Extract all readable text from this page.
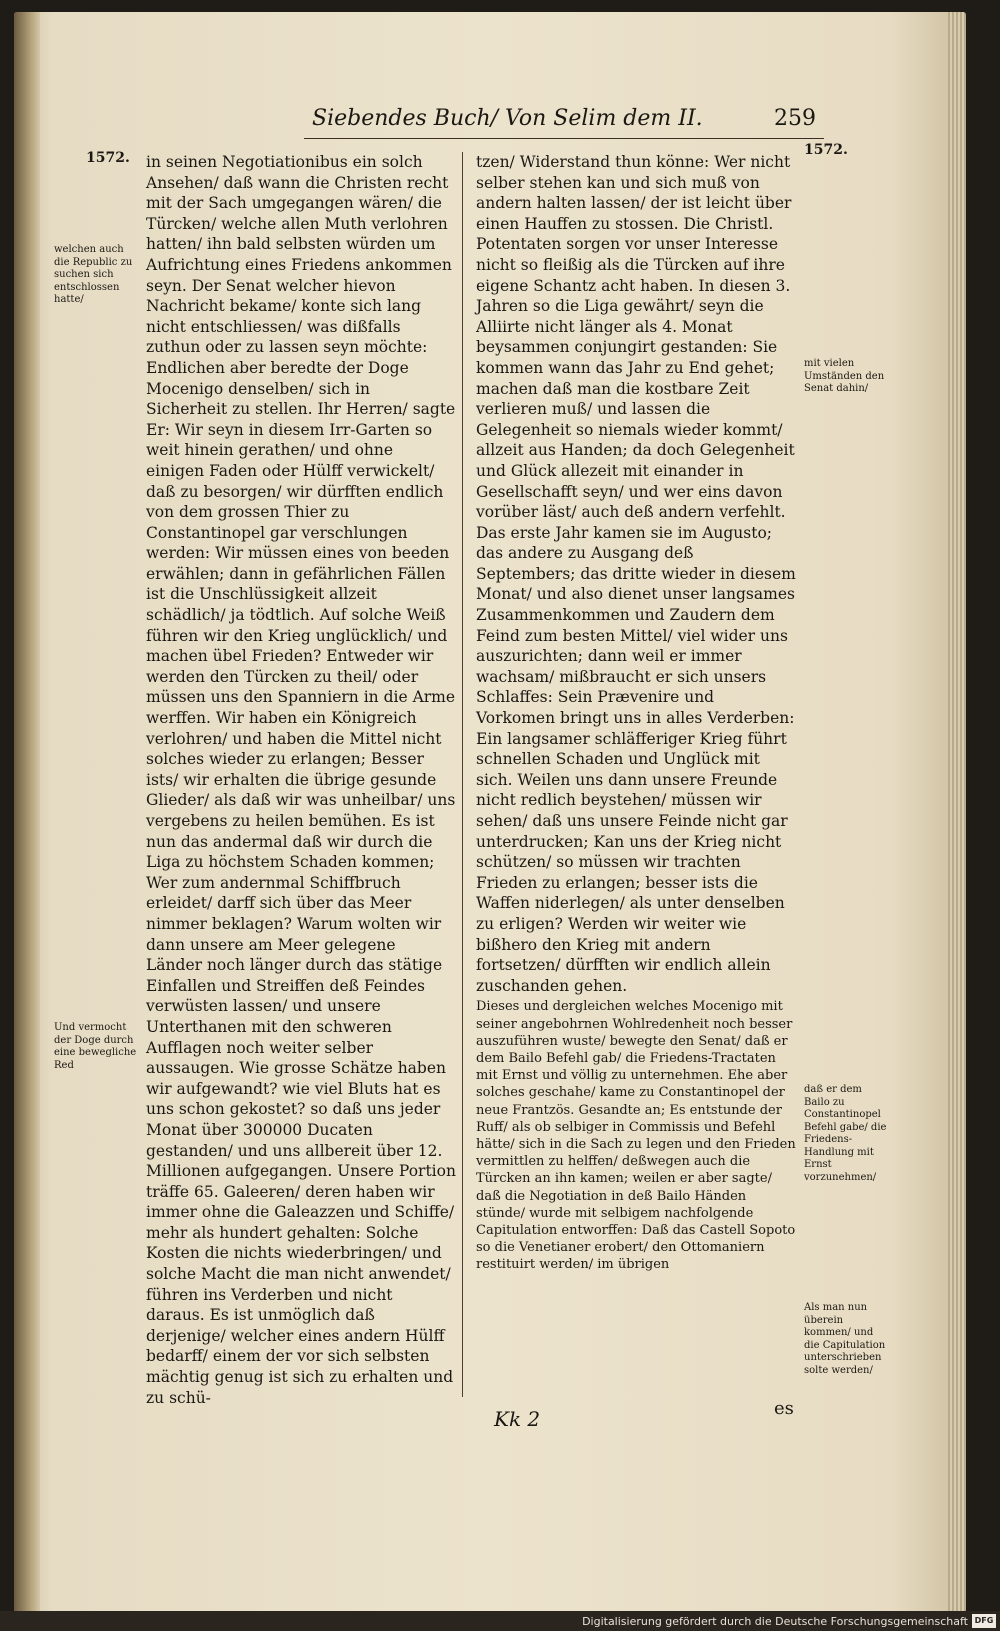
Siebendes Buch/ Von Selim dem II.	259
1572.	1572.

in seinen Negotiationibus ein solch Ansehen/ daß wann die Christen recht mit der Sach umgegangen wären/ die Türcken/ welche allen Muth verlohren hatten/ ihn bald selbsten würden um Aufrichtung eines Friedens ankommen seyn. Der Senat welcher hievon Nachricht bekame/ konte sich lang nicht entschliessen/ was dißfalls zuthun oder zu lassen seyn möchte: Endlichen aber beredte der Doge Mocenigo denselben/ sich in Sicherheit zu stellen. Ihr Herren/ sagte Er: Wir seyn in diesem Irr-Garten so weit hinein gerathen/ und ohne einigen Faden oder Hülff verwickelt/ daß zu besorgen/ wir dürfften endlich von dem grossen Thier zu Constantinopel gar verschlungen werden: Wir müssen eines von beeden erwählen; dann in gefährlichen Fällen ist die Unschlüssigkeit allzeit schädlich/ ja tödtlich. Auf solche Weiß führen wir den Krieg unglücklich/ und machen übel Frieden? Entweder wir werden den Türcken zu theil/ oder müssen uns den Spanniern in die Arme werffen. Wir haben ein Königreich verlohren/ und haben die Mittel nicht solches wieder zu erlangen; Besser ists/ wir erhalten die übrige gesunde Glieder/ als daß wir was unheilbar/ uns vergebens zu heilen bemühen. Es ist nun das andermal daß wir durch die Liga zu höchstem Schaden kommen; Wer zum andernmal Schiffbruch erleidet/ darff sich über das Meer nimmer beklagen? Warum wolten wir dann unsere am Meer gelegene Länder noch länger durch das stätige Einfallen und Streiffen deß Feindes verwüsten lassen/ und unsere Unterthanen mit den schweren Aufflagen noch weiter selber aussaugen. Wie grosse Schätze haben wir aufgewandt? wie viel Bluts hat es uns schon gekostet? so daß uns jeder Monat über 300000 Ducaten gestanden/ und uns allbereit über 12. Millionen aufgegangen. Unsere Portion träffe 65. Galeeren/ deren haben wir immer ohne die Galeazzen und Schiffe/ mehr als hundert gehalten: Solche Kosten die nichts wiederbringen/ und solche Macht die man nicht anwendet/ führen ins Verderben und nicht daraus. Es ist unmöglich daß derjenige/ welcher eines andern Hülff bedarff/ einem der vor sich selbsten mächtig genug ist sich zu erhalten und zu schü-

tzen/ Widerstand thun könne: Wer nicht selber stehen kan und sich muß von andern halten lassen/ der ist leicht über einen Hauffen zu stossen. Die Christl. Potentaten sorgen vor unser Interesse nicht so fleißig als die Türcken auf ihre eigene Schantz acht haben. In diesen 3. Jahren so die Liga gewährt/ seyn die Alliirte nicht länger als 4. Monat beysammen conjungirt gestanden: Sie kommen wann das Jahr zu End gehet; machen daß man die kostbare Zeit verlieren muß/ und lassen die Gelegenheit so niemals wieder kommt/ allzeit aus Handen; da doch Gelegenheit und Glück allezeit mit einander in Gesellschafft seyn/ und wer eins davon vorüber läst/ auch deß andern verfehlt. Das erste Jahr kamen sie im Augusto; das andere zu Ausgang deß Septembers; das dritte wieder in diesem Monat/ und also dienet unser langsames Zusammenkommen und Zaudern dem Feind zum besten Mittel/ viel wider uns auszurichten; dann weil er immer wachsam/ mißbraucht er sich unsers Schlaffes: Sein Prævenire und Vorkomen bringt uns in alles Verderben: Ein langsamer schläfferiger Krieg führt schnellen Schaden und Unglück mit sich. Weilen uns dann unsere Freunde nicht redlich beystehen/ müssen wir sehen/ daß uns unsere Feinde nicht gar unterdrucken; Kan uns der Krieg nicht schützen/ so müssen wir trachten Frieden zu erlangen; besser ists die Waffen niderlegen/ als unter denselben zu erligen? Werden wir weiter wie bißhero den Krieg mit andern fortsetzen/ dürfften wir endlich allein zuschanden gehen.

Dieses und dergleichen welches Mocenigo mit seiner angebohrnen Wohlredenheit noch besser auszuführen wuste/ bewegte den Senat/ daß er dem Bailo Befehl gab/ die Friedens-Tractaten mit Ernst und völlig zu unternehmen. Ehe aber solches geschahe/ kame zu Constantinopel der neue Frantzös. Gesandte an; Es entstunde der Ruff/ als ob selbiger in Commissis und Befehl hätte/ sich in die Sach zu legen und den Frieden vermittlen zu helffen/ deßwegen auch die Türcken an ihn kamen; weilen er aber sagte/ daß die Negotiation in deß Bailo Händen stünde/ wurde mit selbigem nachfolgende Capitulation entworffen: Daß das Castell Sopoto so die Venetianer erobert/ den Ottomaniern restituirt werden/ im übrigen

welchen auch die Republic zu suchen sich entschlossen hatte/
Und vermocht der Doge durch eine bewegliche Red
mit vielen Umständen den Senat dahin/
daß er dem Bailo zu Constantinopel Befehl gabe/ die Friedens-Handlung mit Ernst vorzunehmen/
Als man nun überein kommen/ und die Capitulation unterschrieben solte werden/
Kk 2	es
Digitalisierung gefördert durch die Deutsche Forschungsgemeinschaft DFG
